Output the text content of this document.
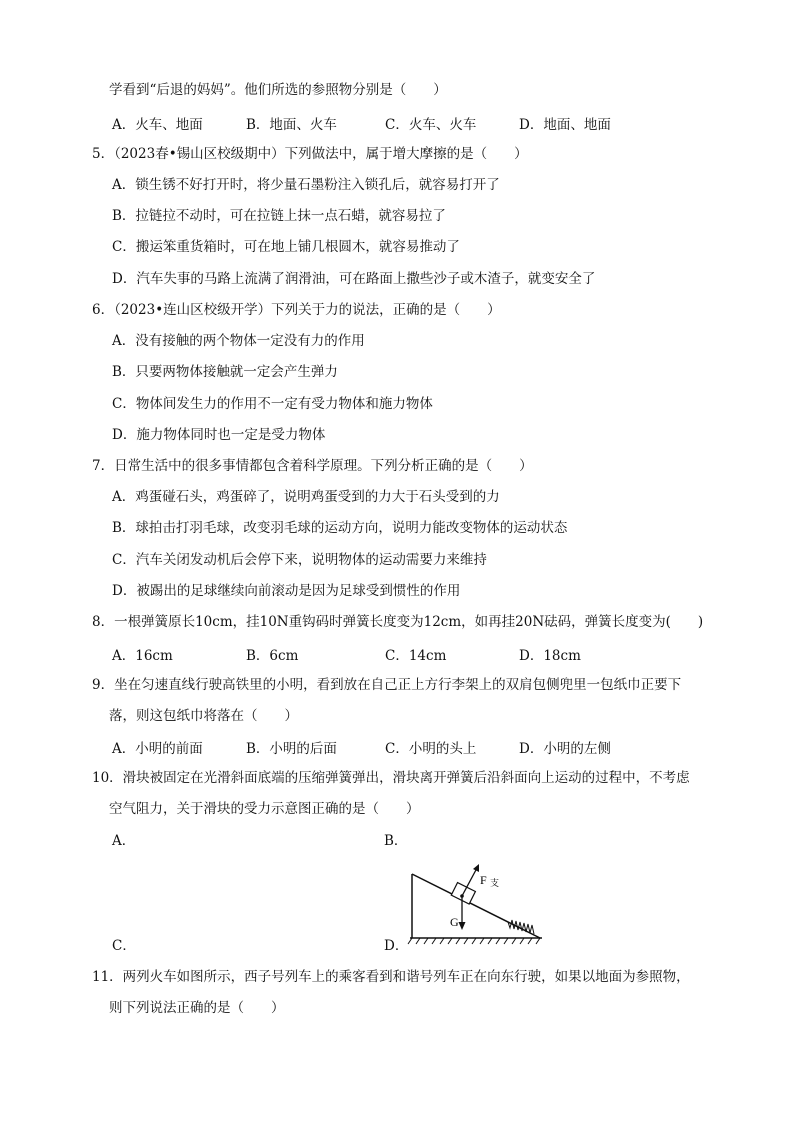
学看到“后退的妈妈”。他们所选的参照物分别是（　　）
A．火车、地面	B．地面、火车	C．火车、火车	D．地面、地面
5．（2023春•锡山区校级期中）下列做法中，属于增大摩擦的是（　　）
A．锁生锈不好打开时，将少量石墨粉注入锁孔后，就容易打开了
B．拉链拉不动时，可在拉链上抹一点石蜡，就容易拉了
C．搬运笨重货箱时，可在地上铺几根圆木，就容易推动了
D．汽车失事的马路上流满了润滑油，可在路面上撒些沙子或木渣子，就变安全了
6．（2023•连山区校级开学）下列关于力的说法，正确的是（　　）
A．没有接触的两个物体一定没有力的作用
B．只要两物体接触就一定会产生弹力
C．物体间发生力的作用不一定有受力物体和施力物体
D．施力物体同时也一定是受力物体
7．日常生活中的很多事情都包含着科学原理。下列分析正确的是（　　）
A．鸡蛋碰石头，鸡蛋碎了，说明鸡蛋受到的力大于石头受到的力
B．球拍击打羽毛球，改变羽毛球的运动方向，说明力能改变物体的运动状态
C．汽车关闭发动机后会停下来，说明物体的运动需要力来维持
D．被踢出的足球继续向前滚动是因为足球受到惯性的作用
8．一根弹簧原长10cm，挂10N重钩码时弹簧长度变为12cm，如再挂20N砝码，弹簧长度变为(　　)
A．16cm	B．6cm	C．14cm	D．18cm
9．坐在匀速直线行驶高铁里的小明，看到放在自己正上方行李架上的双肩包侧兜里一包纸巾正要下
落，则这包纸巾将落在（　　）
A．小明的前面	B．小明的后面	C．小明的头上	D．小明的左侧
10．滑块被固定在光滑斜面底端的压缩弹簧弹出，滑块离开弹簧后沿斜面向上运动的过程中，不考虑
空气阻力，关于滑块的受力示意图正确的是（　　）
A．	B．
C．	D．
F 支
G
11．两列火车如图所示，西子号列车上的乘客看到和谐号列车正在向东行驶，如果以地面为参照物，
则下列说法正确的是（　　）
